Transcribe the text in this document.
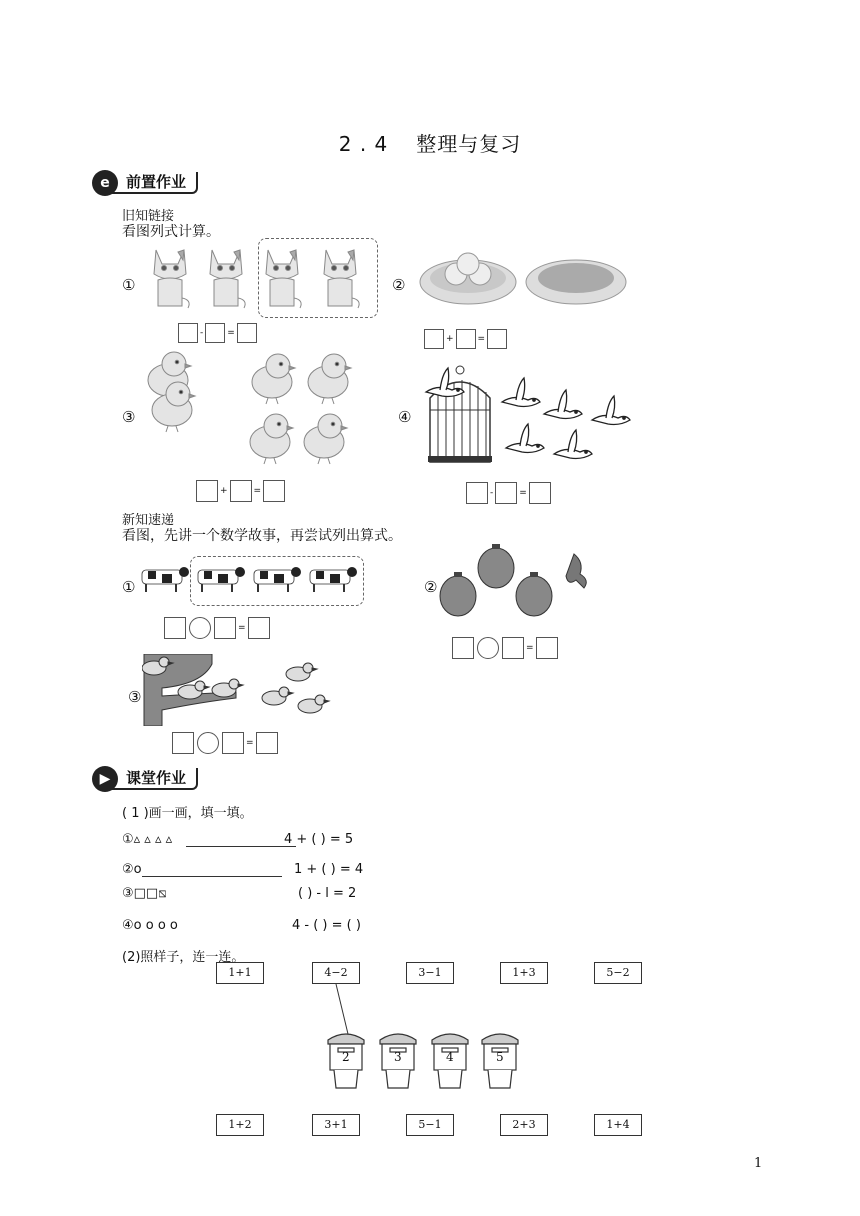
2 . 4 整理与复习
前置作业
e
旧知链接
看图列式计算。
①
-	=
②
+	=
③
+	=
④
-	=
新知速递
看图，先讲一个数学故事，再尝试列出算式。
①
=
②
=
③
=
课堂作业
▶
( 1 )画一画，填一填。
①▵ ▵ ▵ ▵	4 + ( ) = 5
②o	1 + ( ) = 4
③□□⧅	( ) - l = 2
④o o o o	4 - ( ) = ( )
(2)照样子，连一连。
1+1	4−2	3−1	1+3	5−2
2	3	4	5
1+2	3+1	5−1	2+3	1+4
1
